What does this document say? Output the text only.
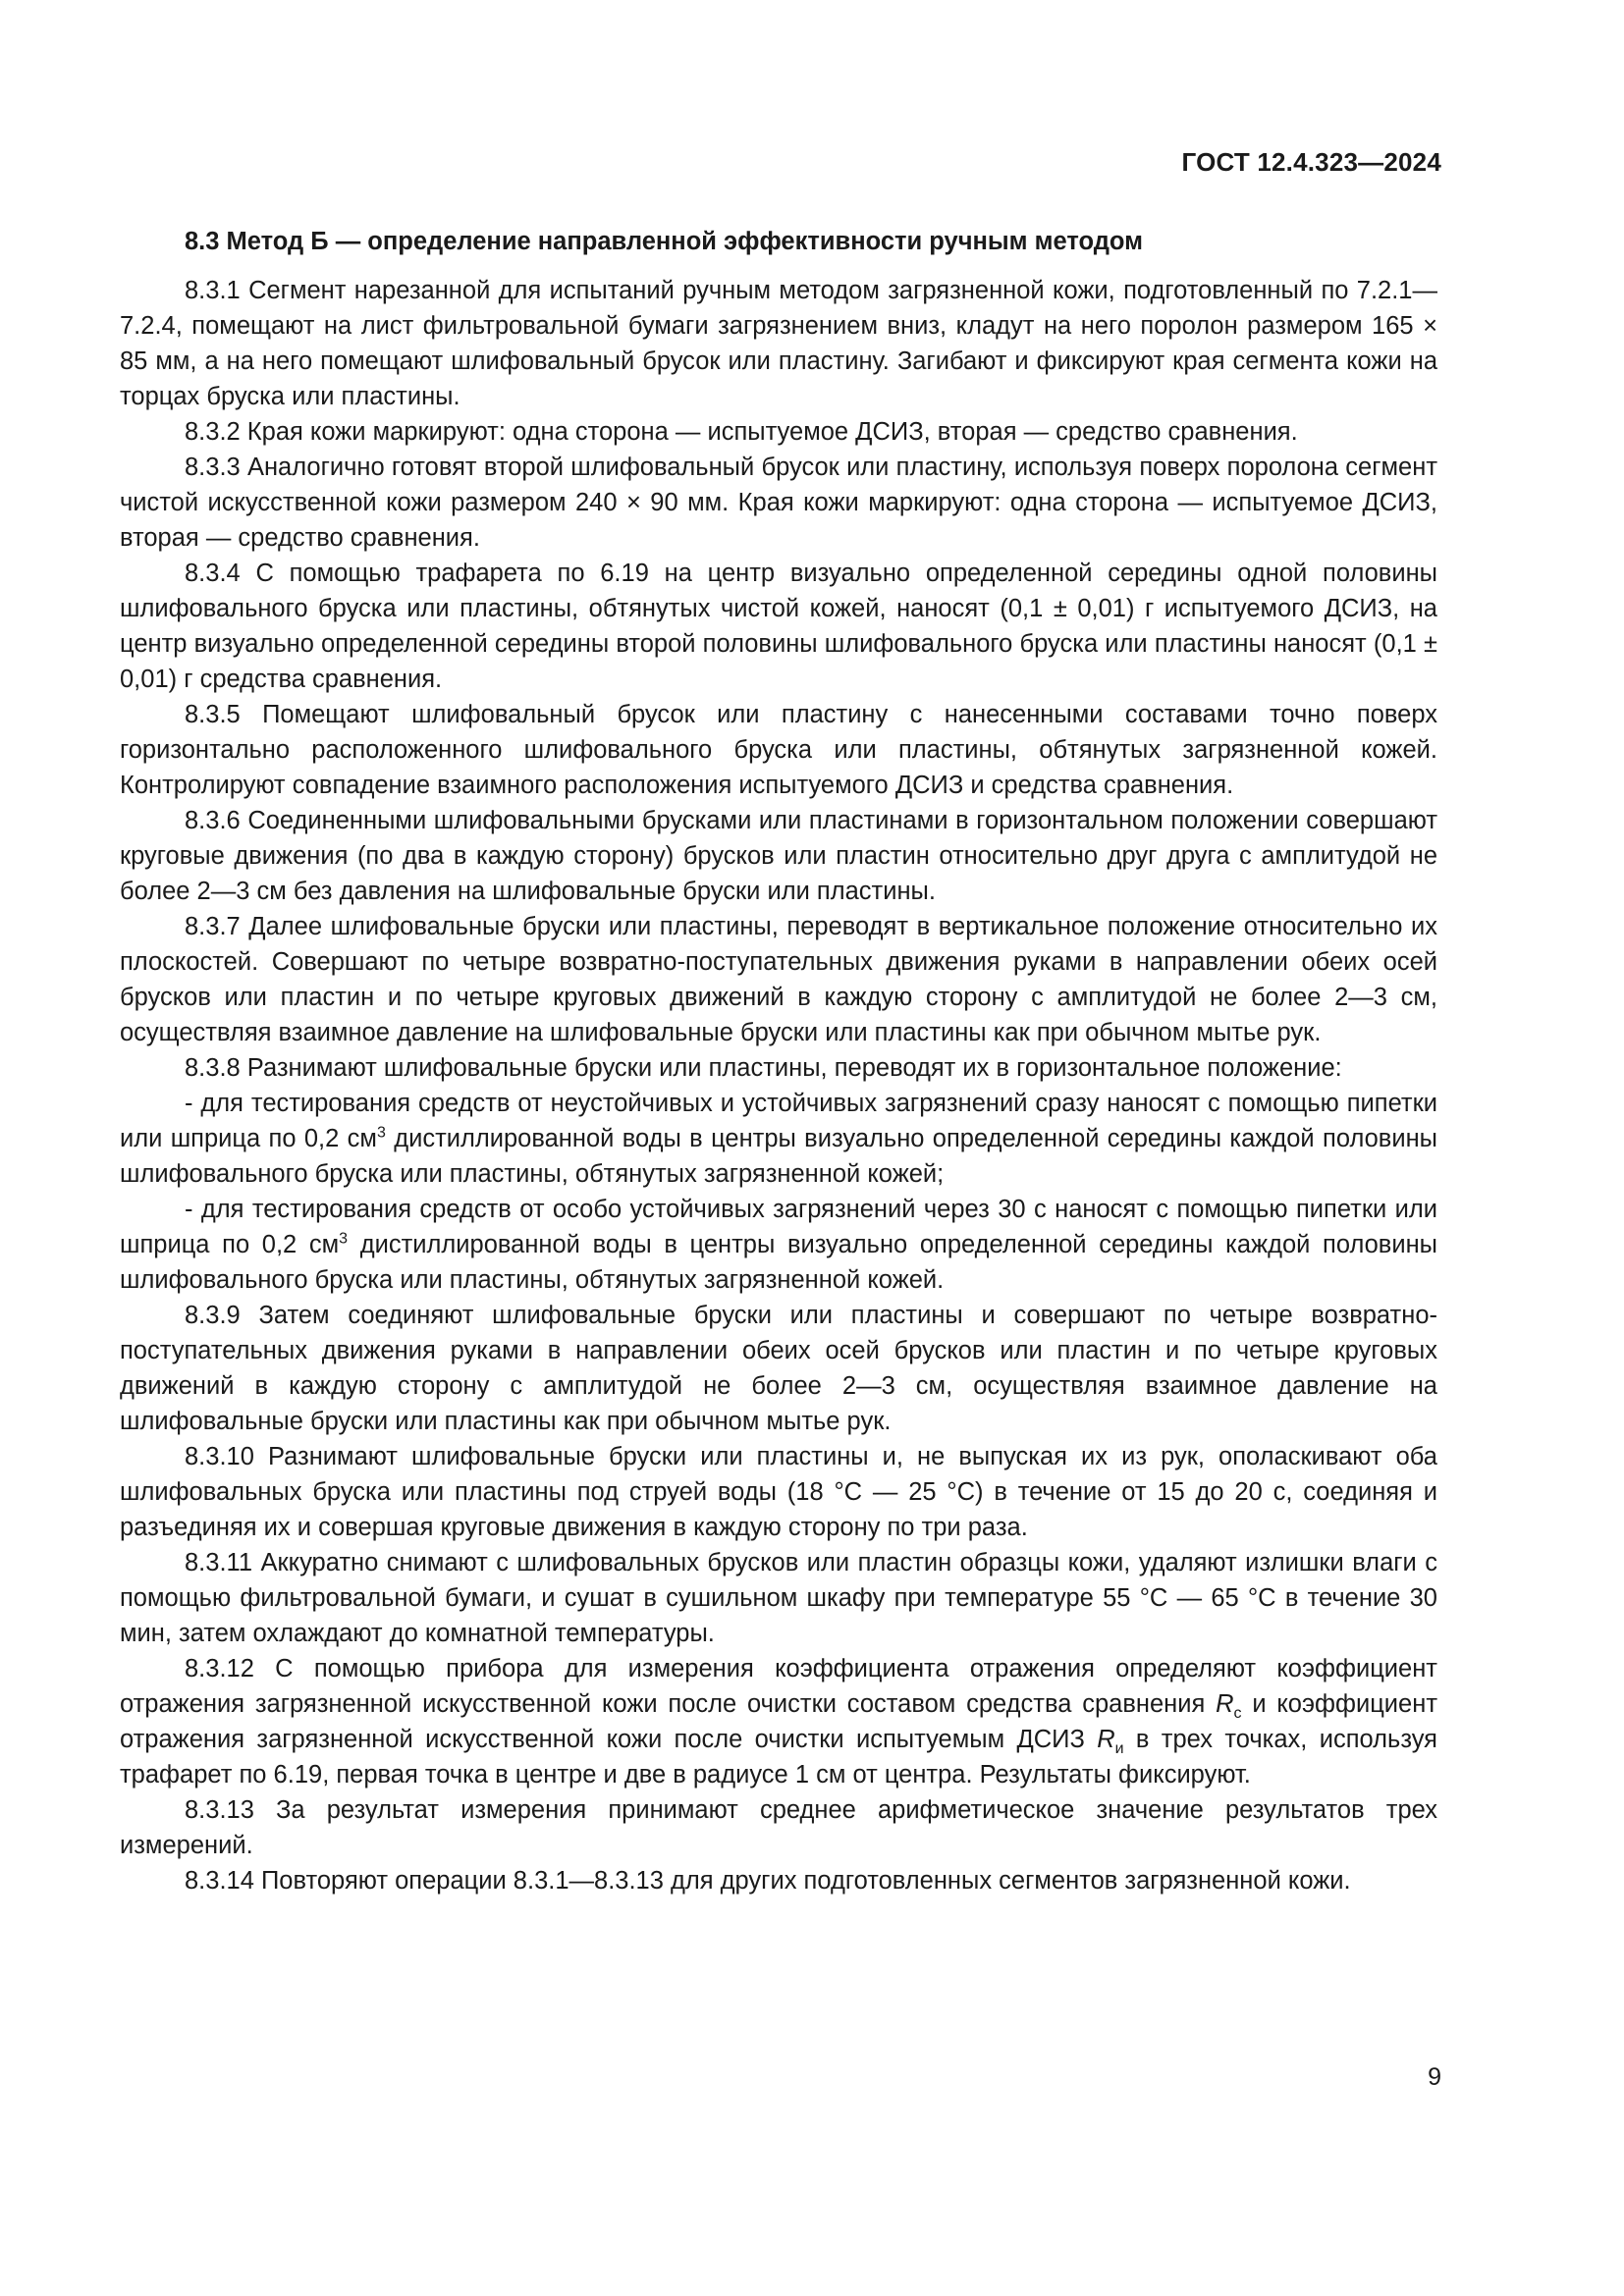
ГОСТ 12.4.323—2024

8.3 Метод Б — определение направленной эффективности ручным методом

8.3.1 Сегмент нарезанной для испытаний ручным методом загрязненной кожи, подготовленный по 7.2.1—7.2.4, помещают на лист фильтровальной бумаги загрязнением вниз, кладут на него поролон размером 165 × 85 мм, а на него помещают шлифовальный брусок или пластину. Загибают и фиксируют края сегмента кожи на торцах бруска или пластины.

8.3.2 Края кожи маркируют: одна сторона — испытуемое ДСИЗ, вторая — средство сравнения.

8.3.3 Аналогично готовят второй шлифовальный брусок или пластину, используя поверх поролона сегмент чистой искусственной кожи размером 240 × 90 мм. Края кожи маркируют: одна сторона — испытуемое ДСИЗ, вторая — средство сравнения.

8.3.4 С помощью трафарета по 6.19 на центр визуально определенной середины одной половины шлифовального бруска или пластины, обтянутых чистой кожей, наносят (0,1 ± 0,01) г испытуемого ДСИЗ, на центр визуально определенной середины второй половины шлифовального бруска или пластины наносят (0,1 ± 0,01) г средства сравнения.

8.3.5 Помещают шлифовальный брусок или пластину с нанесенными составами точно поверх горизонтально расположенного шлифовального бруска или пластины, обтянутых загрязненной кожей. Контролируют совпадение взаимного расположения испытуемого ДСИЗ и средства сравнения.

8.3.6 Соединенными шлифовальными брусками или пластинами в горизонтальном положении совершают круговые движения (по два в каждую сторону) брусков или пластин относительно друг друга с амплитудой не более 2—3 см без давления на шлифовальные бруски или пластины.

8.3.7 Далее шлифовальные бруски или пластины, переводят в вертикальное положение относительно их плоскостей. Совершают по четыре возвратно-поступательных движения руками в направлении обеих осей брусков или пластин и по четыре круговых движений в каждую сторону с амплитудой не более 2—3 см, осуществляя взаимное давление на шлифовальные бруски или пластины как при обычном мытье рук.

8.3.8 Разнимают шлифовальные бруски или пластины, переводят их в горизонтальное положение:

- для тестирования средств от неустойчивых и устойчивых загрязнений сразу наносят с помощью пипетки или шприца по 0,2 $см^3$ дистиллированной воды в центры визуально определенной середины каждой половины шлифовального бруска или пластины, обтянутых загрязненной кожей;

- для тестирования средств от особо устойчивых загрязнений через 30 с наносят с помощью пипетки или шприца по 0,2 $см^3$ дистиллированной воды в центры визуально определенной середины каждой половины шлифовального бруска или пластины, обтянутых загрязненной кожей.

8.3.9 Затем соединяют шлифовальные бруски или пластины и совершают по четыре возвратно-поступательных движения руками в направлении обеих осей брусков или пластин и по четыре круговых движений в каждую сторону с амплитудой не более 2—3 см, осуществляя взаимное давление на шлифовальные бруски или пластины как при обычном мытье рук.

8.3.10 Разнимают шлифовальные бруски или пластины и, не выпуская их из рук, ополаскивают оба шлифовальных бруска или пластины под струей воды (18 °С — 25 °С) в течение от 15 до 20 с, соединяя и разъединяя их и совершая круговые движения в каждую сторону по три раза.

8.3.11 Аккуратно снимают с шлифовальных брусков или пластин образцы кожи, удаляют излишки влаги с помощью фильтровальной бумаги, и сушат в сушильном шкафу при температуре 55 °С — 65 °С в течение 30 мин, затем охлаждают до комнатной температуры.

8.3.12 С помощью прибора для измерения коэффициента отражения определяют коэффициент отражения загрязненной искусственной кожи после очистки составом средства сравнения $R_с$ и коэффициент отражения загрязненной искусственной кожи после очистки испытуемым ДСИЗ $R_и$ в трех точках, используя трафарет по 6.19, первая точка в центре и две в радиусе 1 см от центра. Результаты фиксируют.

8.3.13 За результат измерения принимают среднее арифметическое значение результатов трех измерений.

8.3.14 Повторяют операции 8.3.1—8.3.13 для других подготовленных сегментов загрязненной кожи.

9
